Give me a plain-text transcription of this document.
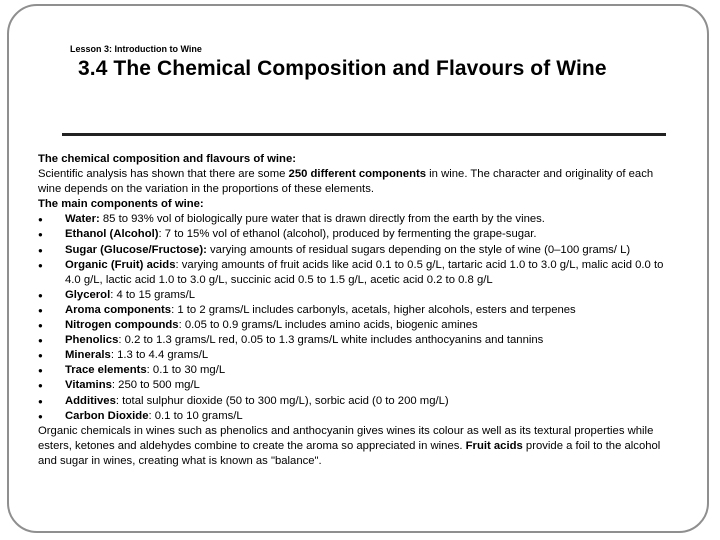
Lesson 3: Introduction to Wine
3.4 The Chemical Composition and Flavours of Wine

The chemical composition and flavours of wine:

Scientific analysis has shown that there are some 250 different components in wine. The character and originality of each wine depends on the variation in the proportions of these elements.

The main components of wine:

● Water: 85 to 93% vol of biologically pure water that is drawn directly from the earth by the vines.
● Ethanol (Alcohol): 7 to 15% vol of ethanol (alcohol), produced by fermenting the grape-sugar.
● Sugar (Glucose/Fructose): varying amounts of residual sugars depending on the style of wine (0–100 grams/ L)
● Organic (Fruit) acids: varying amounts of fruit acids like acid 0.1 to 0.5 g/L, tartaric acid 1.0 to 3.0 g/L, malic acid 0.0 to 4.0 g/L, lactic acid 1.0 to 3.0 g/L, succinic acid 0.5 to 1.5 g/L, acetic acid 0.2 to 0.8 g/L
● Glycerol: 4 to 15 grams/L
● Aroma components: 1 to 2 grams/L includes carbonyls, acetals, higher alcohols, esters and terpenes
● Nitrogen compounds: 0.05 to 0.9 grams/L includes amino acids, biogenic amines
● Phenolics: 0.2 to 1.3 grams/L red, 0.05 to 1.3 grams/L white includes anthocyanins and tannins
● Minerals: 1.3 to 4.4 grams/L
● Trace elements: 0.1 to 30 mg/L
● Vitamins: 250 to 500 mg/L
● Additives: total sulphur dioxide (50 to 300 mg/L), sorbic acid (0 to 200 mg/L)
● Carbon Dioxide: 0.1 to 10 grams/L

Organic chemicals in wines such as phenolics and anthocyanin gives wines its colour as well as its textural properties while esters, ketones and aldehydes combine to create the aroma so appreciated in wines. Fruit acids provide a foil to the alcohol and sugar in wines, creating what is known as "balance".
